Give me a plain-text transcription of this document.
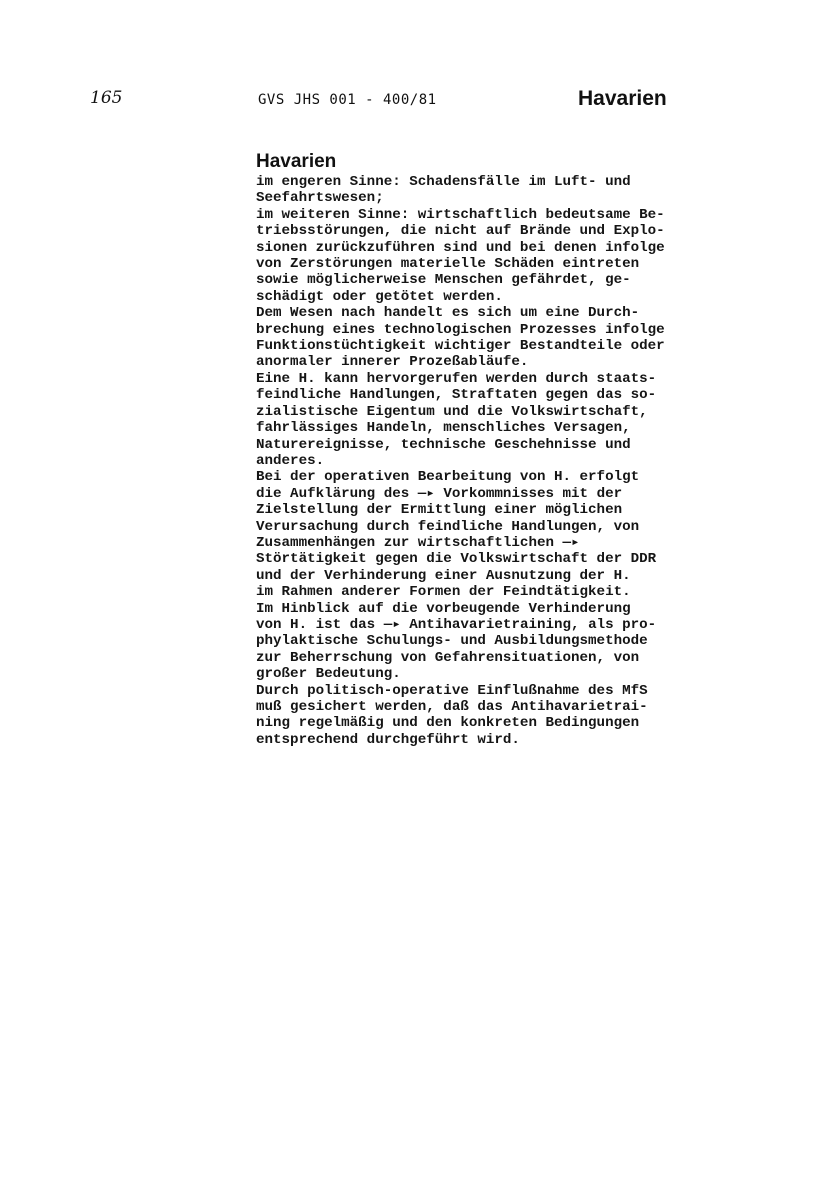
165	GVS JHS 001 - 400/81	Havarien
Havarien
im engeren Sinne: Schadensfälle im Luft- und
Seefahrtswesen;
im weiteren Sinne: wirtschaftlich bedeutsame Be-
triebsstörungen, die nicht auf Brände und Explo-
sionen zurückzuführen sind und bei denen infolge
von Zerstörungen materielle Schäden eintreten
sowie möglicherweise Menschen gefährdet, ge-
schädigt oder getötet werden.
Dem Wesen nach handelt es sich um eine Durch-
brechung eines technologischen Prozesses infolge
Funktionstüchtigkeit wichtiger Bestandteile oder
anormaler innerer Prozeßabläufe.
Eine H. kann hervorgerufen werden durch staats-
feindliche Handlungen, Straftaten gegen das so-
zialistische Eigentum und die Volkswirtschaft,
fahrlässiges Handeln, menschliches Versagen,
Naturereignisse, technische Geschehnisse und
anderes.
Bei der operativen Bearbeitung von H. erfolgt
die Aufklärung des —▸ Vorkommnisses mit der
Zielstellung der Ermittlung einer möglichen
Verursachung durch feindliche Handlungen, von
Zusammenhängen zur wirtschaftlichen —▸
Störtätigkeit gegen die Volkswirtschaft der DDR
und der Verhinderung einer Ausnutzung der H.
im Rahmen anderer Formen der Feindtätigkeit.
Im Hinblick auf die vorbeugende Verhinderung
von H. ist das —▸ Antihavarietraining, als pro-
phylaktische Schulungs- und Ausbildungsmethode
zur Beherrschung von Gefahrensituationen, von
großer Bedeutung.
Durch politisch-operative Einflußnahme des MfS
muß gesichert werden, daß das Antihavarietrai-
ning regelmäßig und den konkreten Bedingungen
entsprechend durchgeführt wird.
